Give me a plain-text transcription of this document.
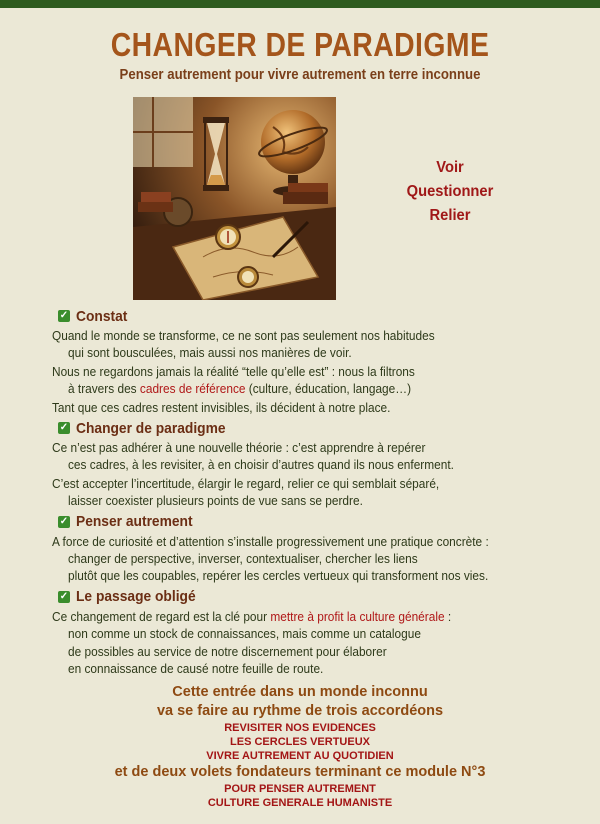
CHANGER DE PARADIGME
Penser autrement pour vivre autrement en terre inconnue
Voir
Questionner
Relier
✓ Constat

Quand le monde se transforme, ce ne sont pas seulement nos habitudes
qui sont bousculées, mais aussi nos manières de voir.

Nous ne regardons jamais la réalité “telle qu’elle est” : nous la filtrons
à travers des cadres de référence (culture, éducation, langage…)

Tant que ces cadres restent invisibles, ils décident à notre place.

✓ Changer de paradigme

Ce n’est pas adhérer à une nouvelle théorie : c’est apprendre à repérer
ces cadres, à les revisiter, à en choisir d’autres quand ils nous enferment.

C’est accepter l’incertitude, élargir le regard, relier ce qui semblait séparé,
laisser coexister plusieurs points de vue sans se perdre.

✓ Penser autrement

A force de curiosité et d’attention s’installe progressivement une pratique concrète :
changer de perspective, inverser, contextualiser, chercher les liens
plutôt que les coupables, repérer les cercles vertueux qui transforment nos vies.

✓ Le passage obligé

Ce changement de regard est la clé pour mettre à profit la culture générale :
non comme un stock de connaissances, mais comme un catalogue
de possibles au service de notre discernement pour élaborer
en connaissance de causé notre feuille de route.

Cette entrée dans un monde inconnu
va se faire au rythme de trois accordéons
REVISITER NOS EVIDENCES
LES CERCLES VERTUEUX
VIVRE AUTREMENT AU QUOTIDIEN
et de deux volets fondateurs terminant ce module N°3
POUR PENSER AUTREMENT
CULTURE GENERALE HUMANISTE
